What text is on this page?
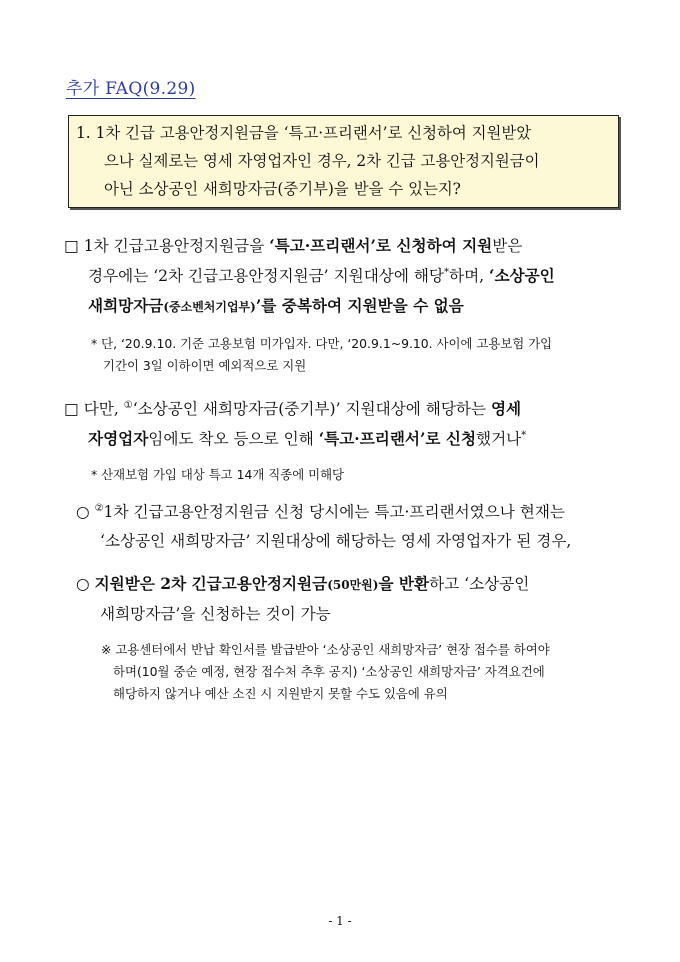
추가 FAQ(9.29)
1. 1차 긴급 고용안정지원금을 ‘특고·프리랜서’로 신청하여 지원받았
으나 실제로는 영세 자영업자인 경우, 2차 긴급 고용안정지원금이
아닌 소상공인 새희망자금(중기부)을 받을 수 있는지?
□ 1차 긴급고용안정지원금을 ‘특고·프리랜서’로 신청하여 지원받은
경우에는 ‘2차 긴급고용안정지원금’ 지원대상에 해당*하며, ‘소상공인
새희망자금(중소벤처기업부)’를 중복하여 지원받을 수 없음
* 단, ‘20.9.10. 기준 고용보험 미가입자. 다만, ‘20.9.1~9.10. 사이에 고용보험 가입
기간이 3일 이하이면 예외적으로 지원
□ 다만, ①‘소상공인 새희망자금(중기부)’ 지원대상에 해당하는 영세
자영업자임에도 착오 등으로 인해 ‘특고·프리랜서’로 신청했거나*
* 산재보험 가입 대상 특고 14개 직종에 미해당
○ ②1차 긴급고용안정지원금 신청 당시에는 특고·프리랜서였으나 현재는
‘소상공인 새희망자금’ 지원대상에 해당하는 영세 자영업자가 된 경우,
○ 지원받은 2차 긴급고용안정지원금(50만원)을 반환하고 ‘소상공인
새희망자금’을 신청하는 것이 가능
※ 고용센터에서 반납 확인서를 발급받아 ‘소상공인 새희망자금’ 현장 접수를 하여야
하며(10월 중순 예정, 현장 접수처 추후 공지) ‘소상공인 새희망자금’ 자격요건에
해당하지 않거나 예산 소진 시 지원받지 못할 수도 있음에 유의
- 1 -
